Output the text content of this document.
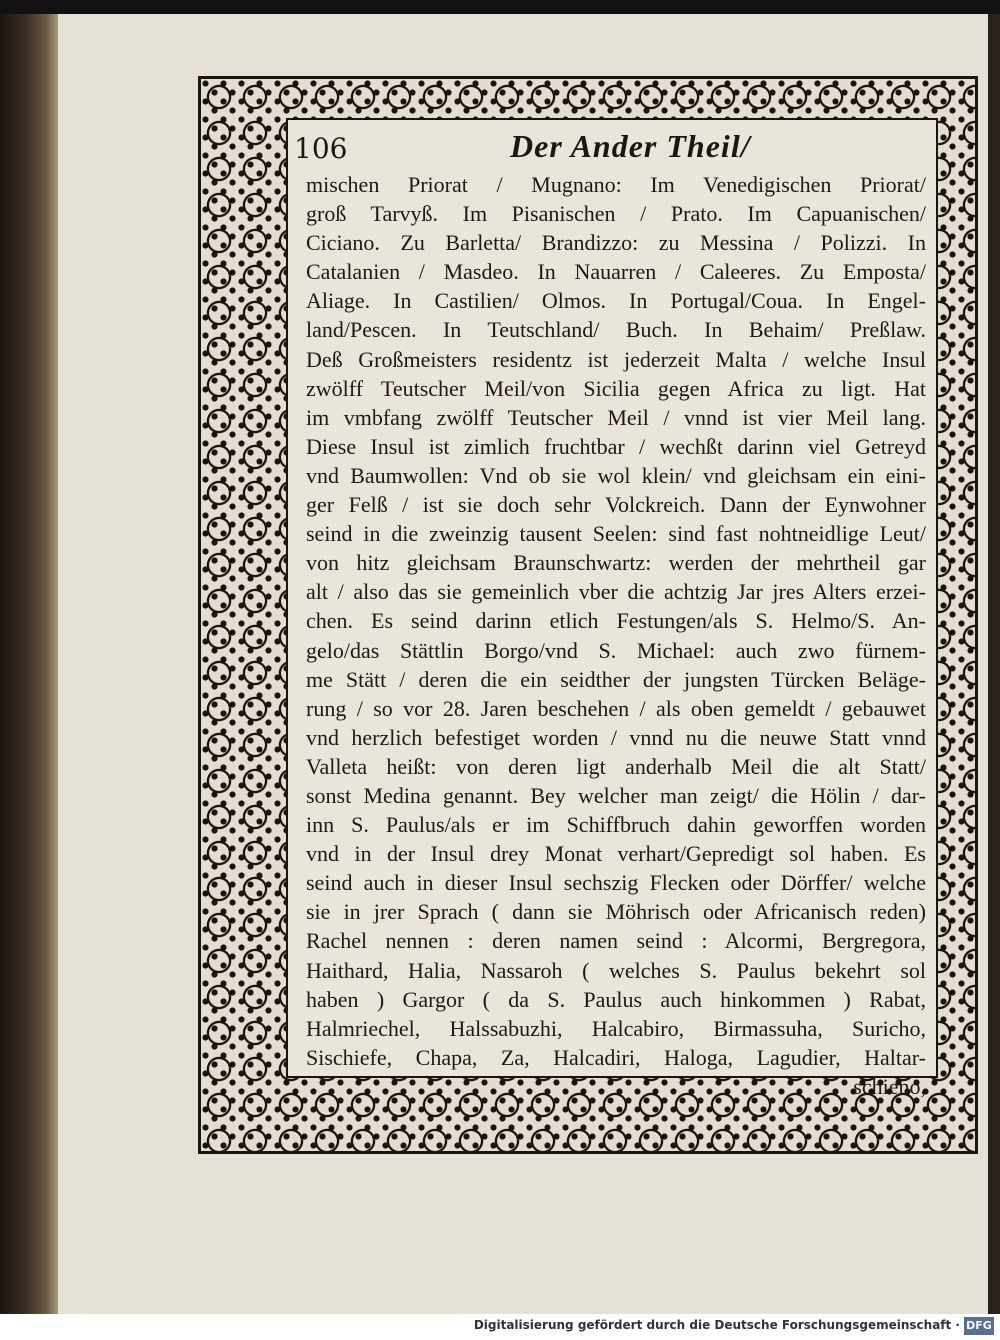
106	Der Ander Theil/
mischen Priorat / Mugnano: Im Venedigischen Priorat/
groß Tarvyß. Im Pisanischen / Prato. Im Capuanischen/
Ciciano. Zu Barletta/ Brandizzo: zu Messina / Polizzi. In
Catalanien / Masdeo. In Nauarren / Caleeres. Zu Emposta/
Aliage. In Castilien/ Olmos. In Portugal/Coua. In Engel-
land/Pescen. In Teutschland/ Buch. In Behaim/ Preßlaw.
Deß Großmeisters residentz ist jederzeit Malta / welche Insul
zwölff Teutscher Meil/von Sicilia gegen Africa zu ligt. Hat
im vmbfang zwölff Teutscher Meil / vnnd ist vier Meil lang.
Diese Insul ist zimlich fruchtbar / wechßt darinn viel Getreyd
vnd Baumwollen: Vnd ob sie wol klein/ vnd gleichsam ein eini-
ger Felß / ist sie doch sehr Volckreich. Dann der Eynwohner
seind in die zweinzig tausent Seelen: sind fast nohtneidlige Leut/
von hitz gleichsam Braunschwartz: werden der mehrtheil gar
alt / also das sie gemeinlich vber die achtzig Jar jres Alters erzei-
chen. Es seind darinn etlich Festungen/als S. Helmo/S. An-
gelo/das Stättlin Borgo/vnd S. Michael: auch zwo fürnem-
me Stätt / deren die ein seidther der jungsten Türcken Beläge-
rung / so vor 28. Jaren beschehen / als oben gemeldt / gebauwet
vnd herzlich befestiget worden / vnnd nu die neuwe Statt vnnd
Valleta heißt: von deren ligt anderhalb Meil die alt Statt/
sonst Medina genannt. Bey welcher man zeigt/ die Hölin / dar-
inn S. Paulus/als er im Schiffbruch dahin geworffen worden
vnd in der Insul drey Monat verhart/Gepredigt sol haben. Es
seind auch in dieser Insul sechszig Flecken oder Dörffer/ welche
sie in jrer Sprach ( dann sie Möhrisch oder Africanisch reden)
Rachel nennen : deren namen seind : Alcormi, Bergregora,
Haithard, Halia, Nassaroh ( welches S. Paulus bekehrt sol
haben ) Gargor ( da S. Paulus auch hinkommen ) Rabat,
Halmriechel, Halssabuzhi, Halcabiro, Birmassuha, Suricho,
Sischiefe, Chapa, Za, Halcadiri, Haloga, Lagudier, Haltar-
schieno,
Digitalisierung gefördert durch die Deutsche Forschungsgemeinschaft · DFG
